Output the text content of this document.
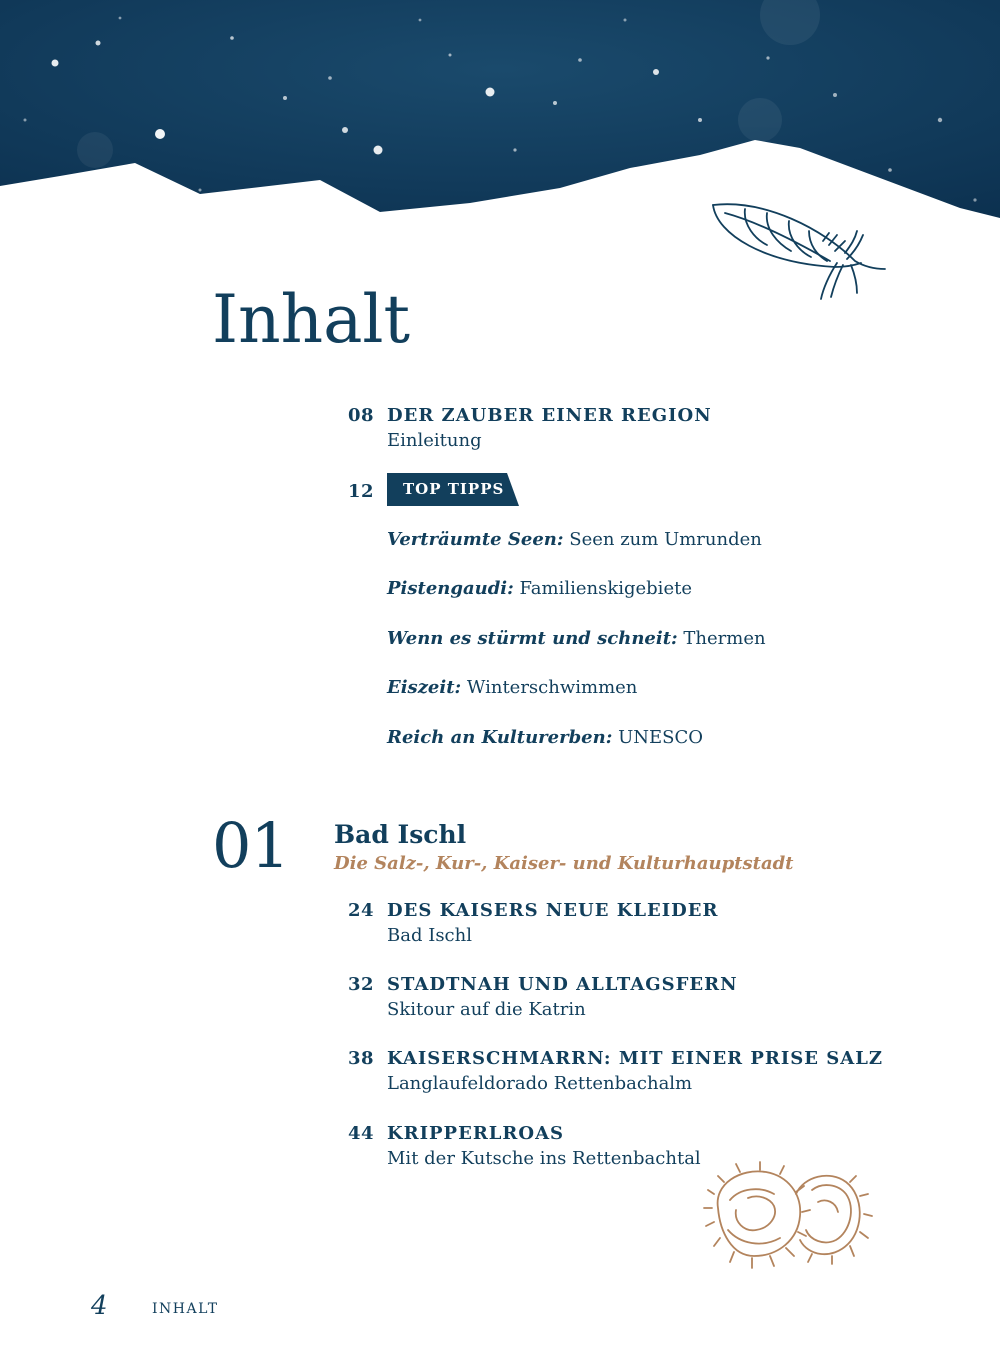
Inhalt
08 DER ZAUBER EINER REGION
Einleitung
12 TOP TIPPS
Verträumte Seen: Seen zum Umrunden
Pistengaudi: Familienskigebiete
Wenn es stürmt und schneit: Thermen
Eiszeit: Winterschwimmen
Reich an Kulturerben: UNESCO
01 Bad Ischl
Die Salz-, Kur-, Kaiser- und Kulturhauptstadt
24 DES KAISERS NEUE KLEIDER
Bad Ischl
32 STADTNAH UND ALLTAGSFERN
Skitour auf die Katrin
38 KAISERSCHMARRN: MIT EINER PRISE SALZ
Langlaufeldorado Rettenbachalm
44 KRIPPERLROAS
Mit der Kutsche ins Rettenbachtal
4	INHALT
